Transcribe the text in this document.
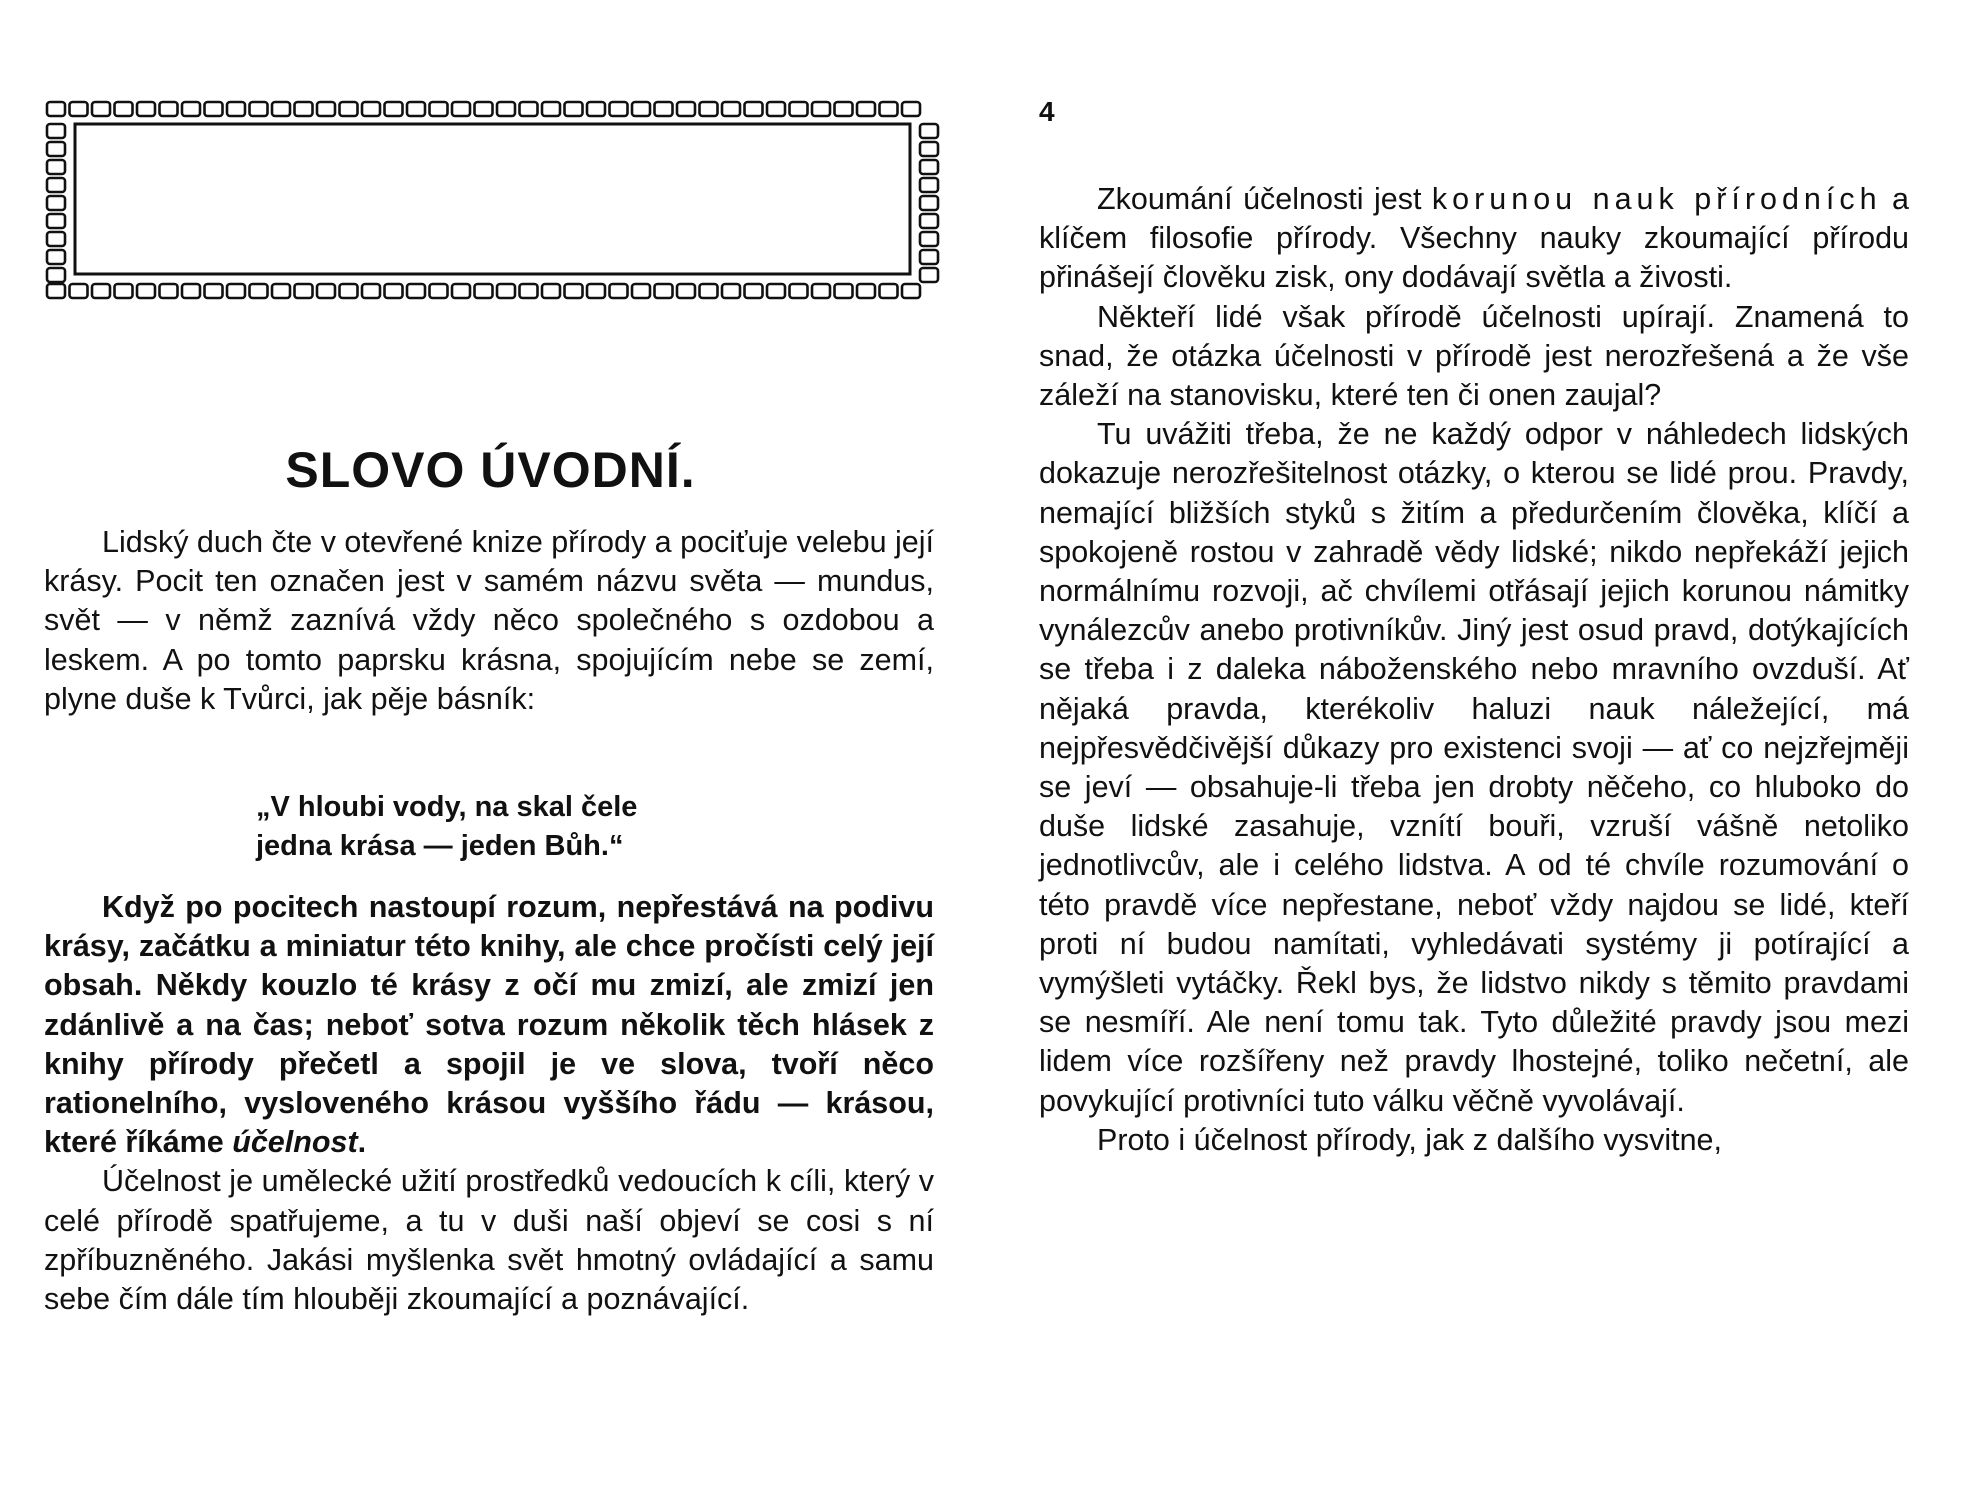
SLOVO ÚVODNÍ.

Lidský duch čte v otevřené knize přírody a pociťuje velebu její krásy. Pocit ten označen jest v samém názvu světa — mundus, svět — v němž zaznívá vždy něco společného s ozdobou a leskem. A po tomto paprsku krásna, spojujícím nebe se zemí, plyne duše k Tvůrci, jak pěje básník:

„V hloubi vody, na skal čele
jedna krása — jeden Bůh.“

Když po pocitech nastoupí rozum, nepřestává na podivu krásy, začátku a miniatur této knihy, ale chce pročísti celý její obsah. Někdy kouzlo té krásy z očí mu zmizí, ale zmizí jen zdánlivě a na čas; neboť sotva rozum několik těch hlásek z knihy přírody přečetl a spojil je ve slova, tvoří něco rationelního, vysloveného krásou vyššího řádu — krásou, které říkáme účelnost.

Účelnost je umělecké užití prostředků vedoucích k cíli, který v celé přírodě spatřujeme, a tu v duši naší objeví se cosi s ní zpříbuzněného. Jakási myšlenka svět hmotný ovládající a samu sebe čím dále tím hlouběji zkoumající a poznávající.

4

Zkoumání účelnosti jest korunou nauk přírodních a klíčem filosofie přírody. Všechny nauky zkoumající přírodu přinášejí člověku zisk, ony dodávají světla a živosti.

Někteří lidé však přírodě účelnosti upírají. Znamená to snad, že otázka účelnosti v přírodě jest nerozřešená a že vše záleží na stanovisku, které ten či onen zaujal?

Tu uvážiti třeba, že ne každý odpor v náhledech lidských dokazuje nerozřešitelnost otázky, o kterou se lidé prou. Pravdy, nemající bližších styků s žitím a předurčením člověka, klíčí a spokojeně rostou v zahradě vědy lidské; nikdo nepřekáží jejich normálnímu rozvoji, ač chvílemi otřásají jejich korunou námitky vynálezcův anebo protivníkův. Jiný jest osud pravd, dotýkajících se třeba i z daleka náboženského nebo mravního ovzduší. Ať nějaká pravda, kterékoliv haluzi nauk náležející, má nejpřesvědčivější důkazy pro existenci svoji — ať co nejzřejměji se jeví — obsahuje-li třeba jen drobty něčeho, co hluboko do duše lidské zasahuje, vznítí bouři, vzruší vášně netoliko jednotlivcův, ale i celého lidstva. A od té chvíle rozumování o této pravdě více nepřestane, neboť vždy najdou se lidé, kteří proti ní budou namítati, vyhledávati systémy ji potírající a vymýšleti vytáčky. Řekl bys, že lidstvo nikdy s těmito pravdami se nesmíří. Ale není tomu tak. Tyto důležité pravdy jsou mezi lidem více rozšířeny než pravdy lhostejné, toliko nečetní, ale povykující protivníci tuto válku věčně vyvolávají.

Proto i účelnost přírody, jak z dalšího vysvitne,
